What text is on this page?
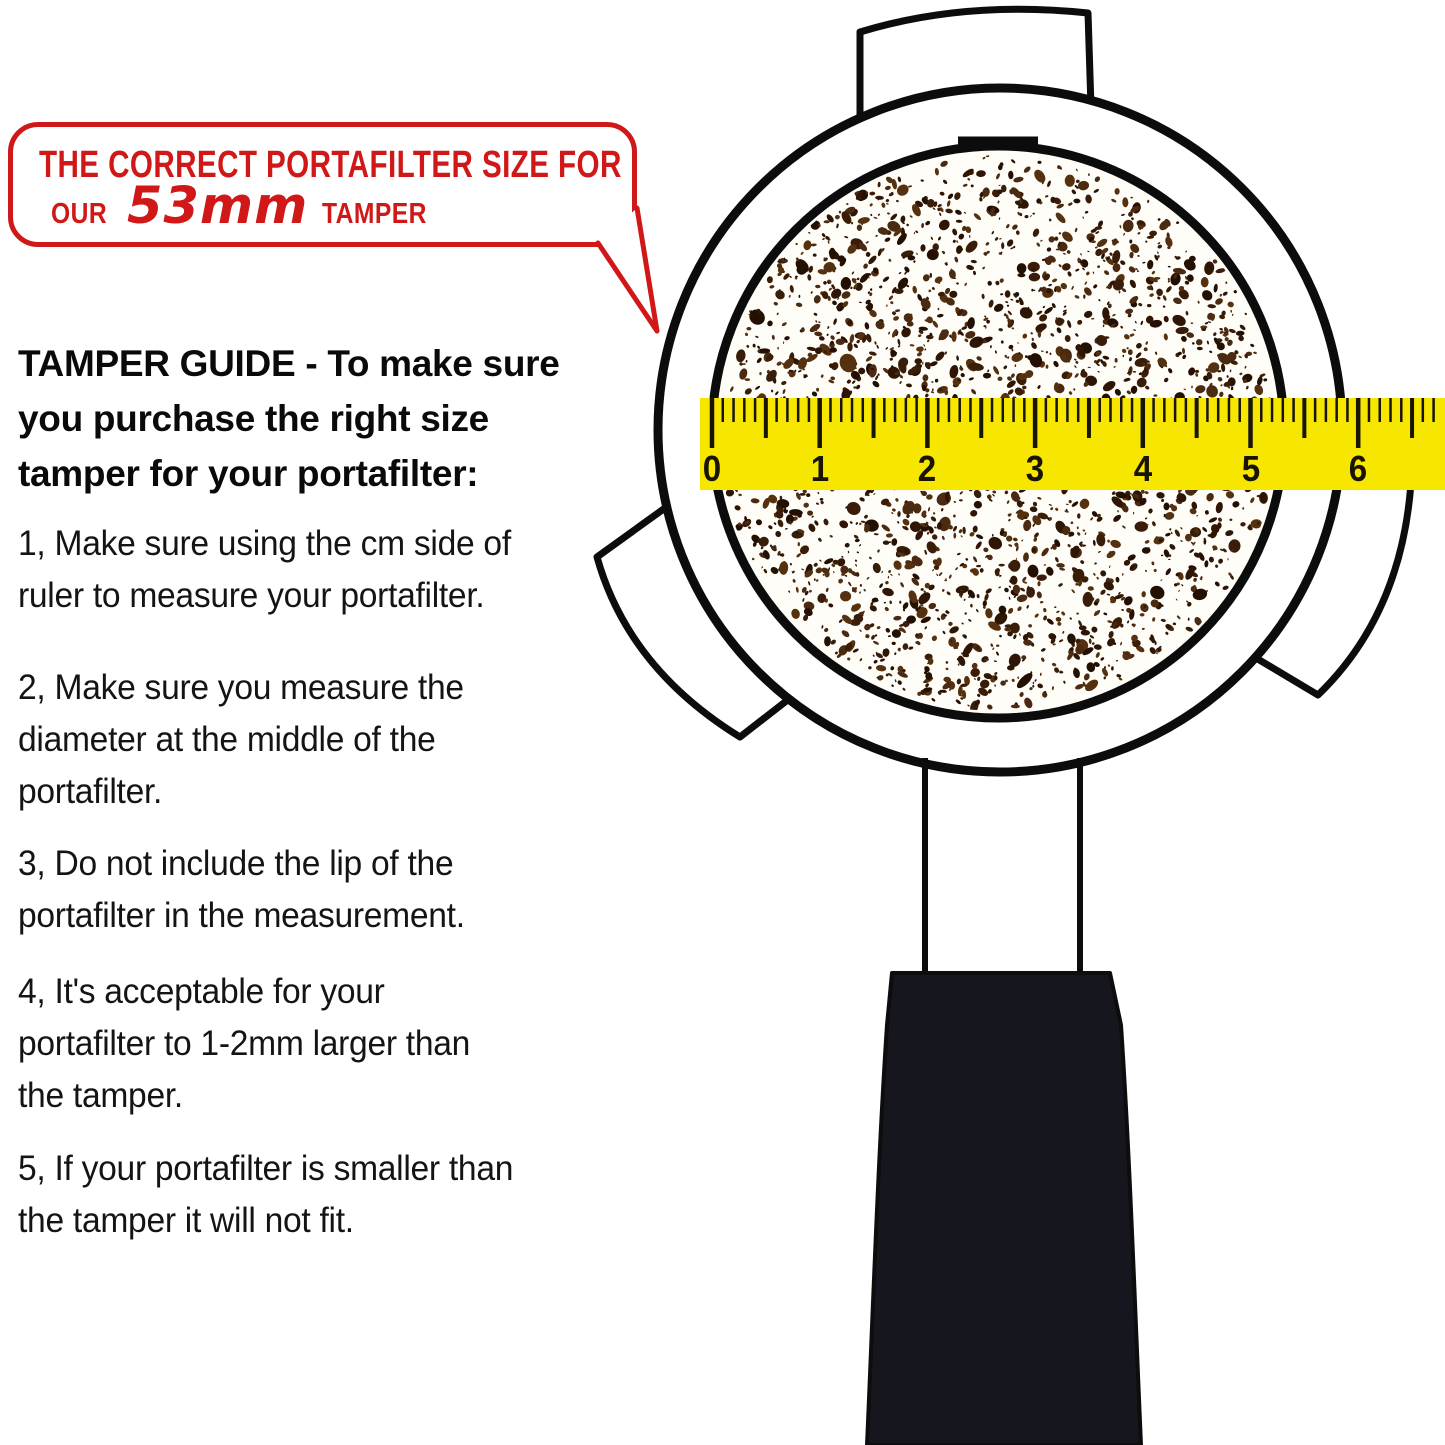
THE CORRECT PORTAFILTER SIZE FOR
OUR 53mm TAMPER
TAMPER GUIDE - To make sure
you purchase the right size
tamper for your portafilter:
1, Make sure using the cm side of
ruler to measure your portafilter.
2, Make sure you measure the
diameter at the middle of the
portafilter.
3, Do not include the lip of the
portafilter in the measurement.
4, It's acceptable for your
portafilter to 1-2mm larger than
the tamper.
5, If your portafilter is smaller than
the tamper it will not fit.
0 1 2 3 4 5 6
